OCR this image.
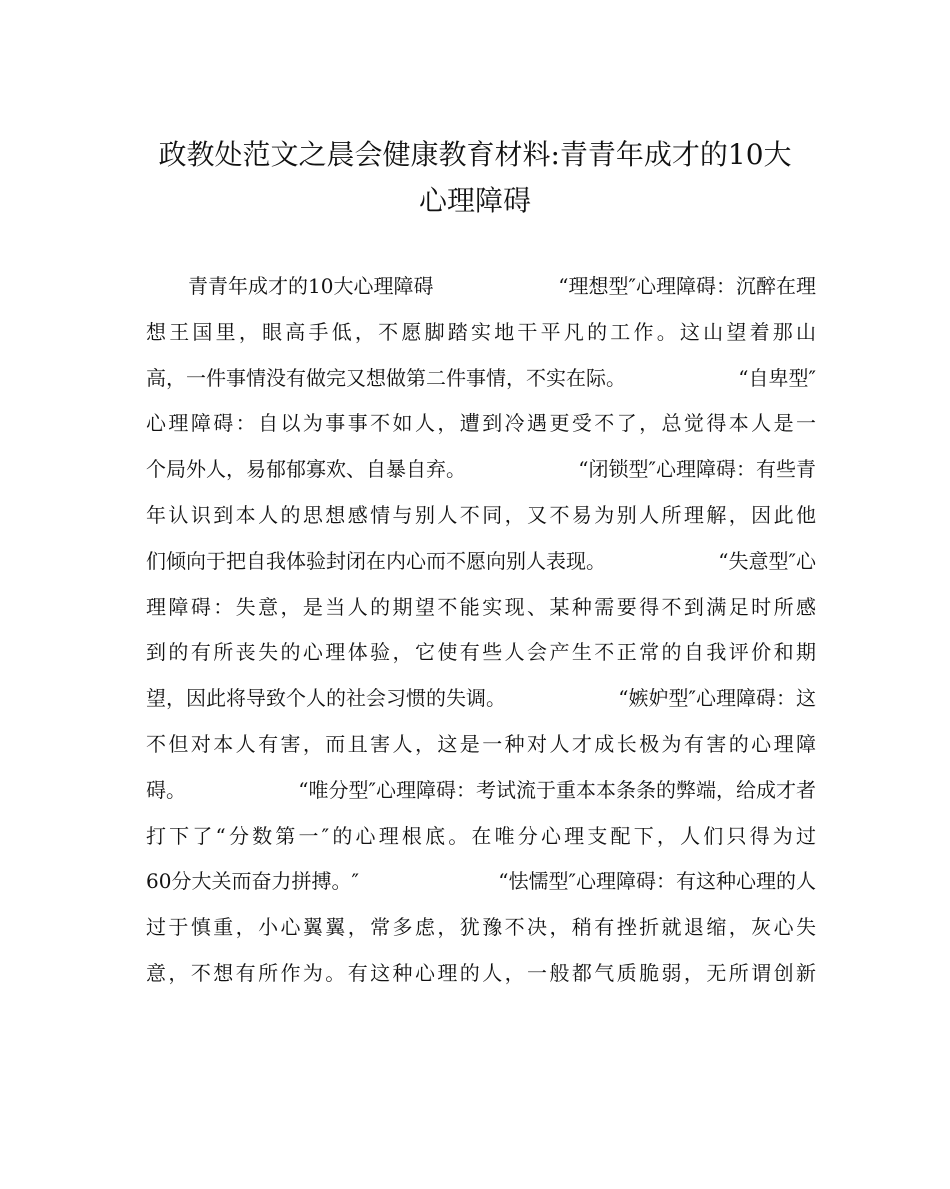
政教处范文之晨会健康教育材料:青青年成才的10大
心理障碍
青青年成才的10大心理障碍	“理想型″心理障碍：沉醉在理
想王国里，眼高手低，不愿脚踏实地干平凡的工作。这山望着那山
高，一件事情没有做完又想做第二件事情，不实在际。	“自卑型″
心理障碍：自以为事事不如人，遭到冷遇更受不了，总觉得本人是一
个局外人，易郁郁寡欢、自暴自弃。	“闭锁型″心理障碍：有些青
年认识到本人的思想感情与别人不同，又不易为别人所理解，因此他
们倾向于把自我体验封闭在内心而不愿向别人表现。	“失意型″心
理障碍：失意，是当人的期望不能实现、某种需要得不到满足时所感
到的有所丧失的心理体验，它使有些人会产生不正常的自我评价和期
望，因此将导致个人的社会习惯的失调。	“嫉妒型″心理障碍：这
不但对本人有害，而且害人，这是一种对人才成长极为有害的心理障
碍。	“唯分型″心理障碍：考试流于重本本条条的弊端，给成才者
打下了“分数第一″的心理根底。在唯分心理支配下，人们只得为过
60分大关而奋力拼搏。″	“怯懦型″心理障碍：有这种心理的人
过于慎重，小心翼翼，常多虑，犹豫不决，稍有挫折就退缩，灰心失
意，不想有所作为。有这种心理的人，一般都气质脆弱，无所谓创新
